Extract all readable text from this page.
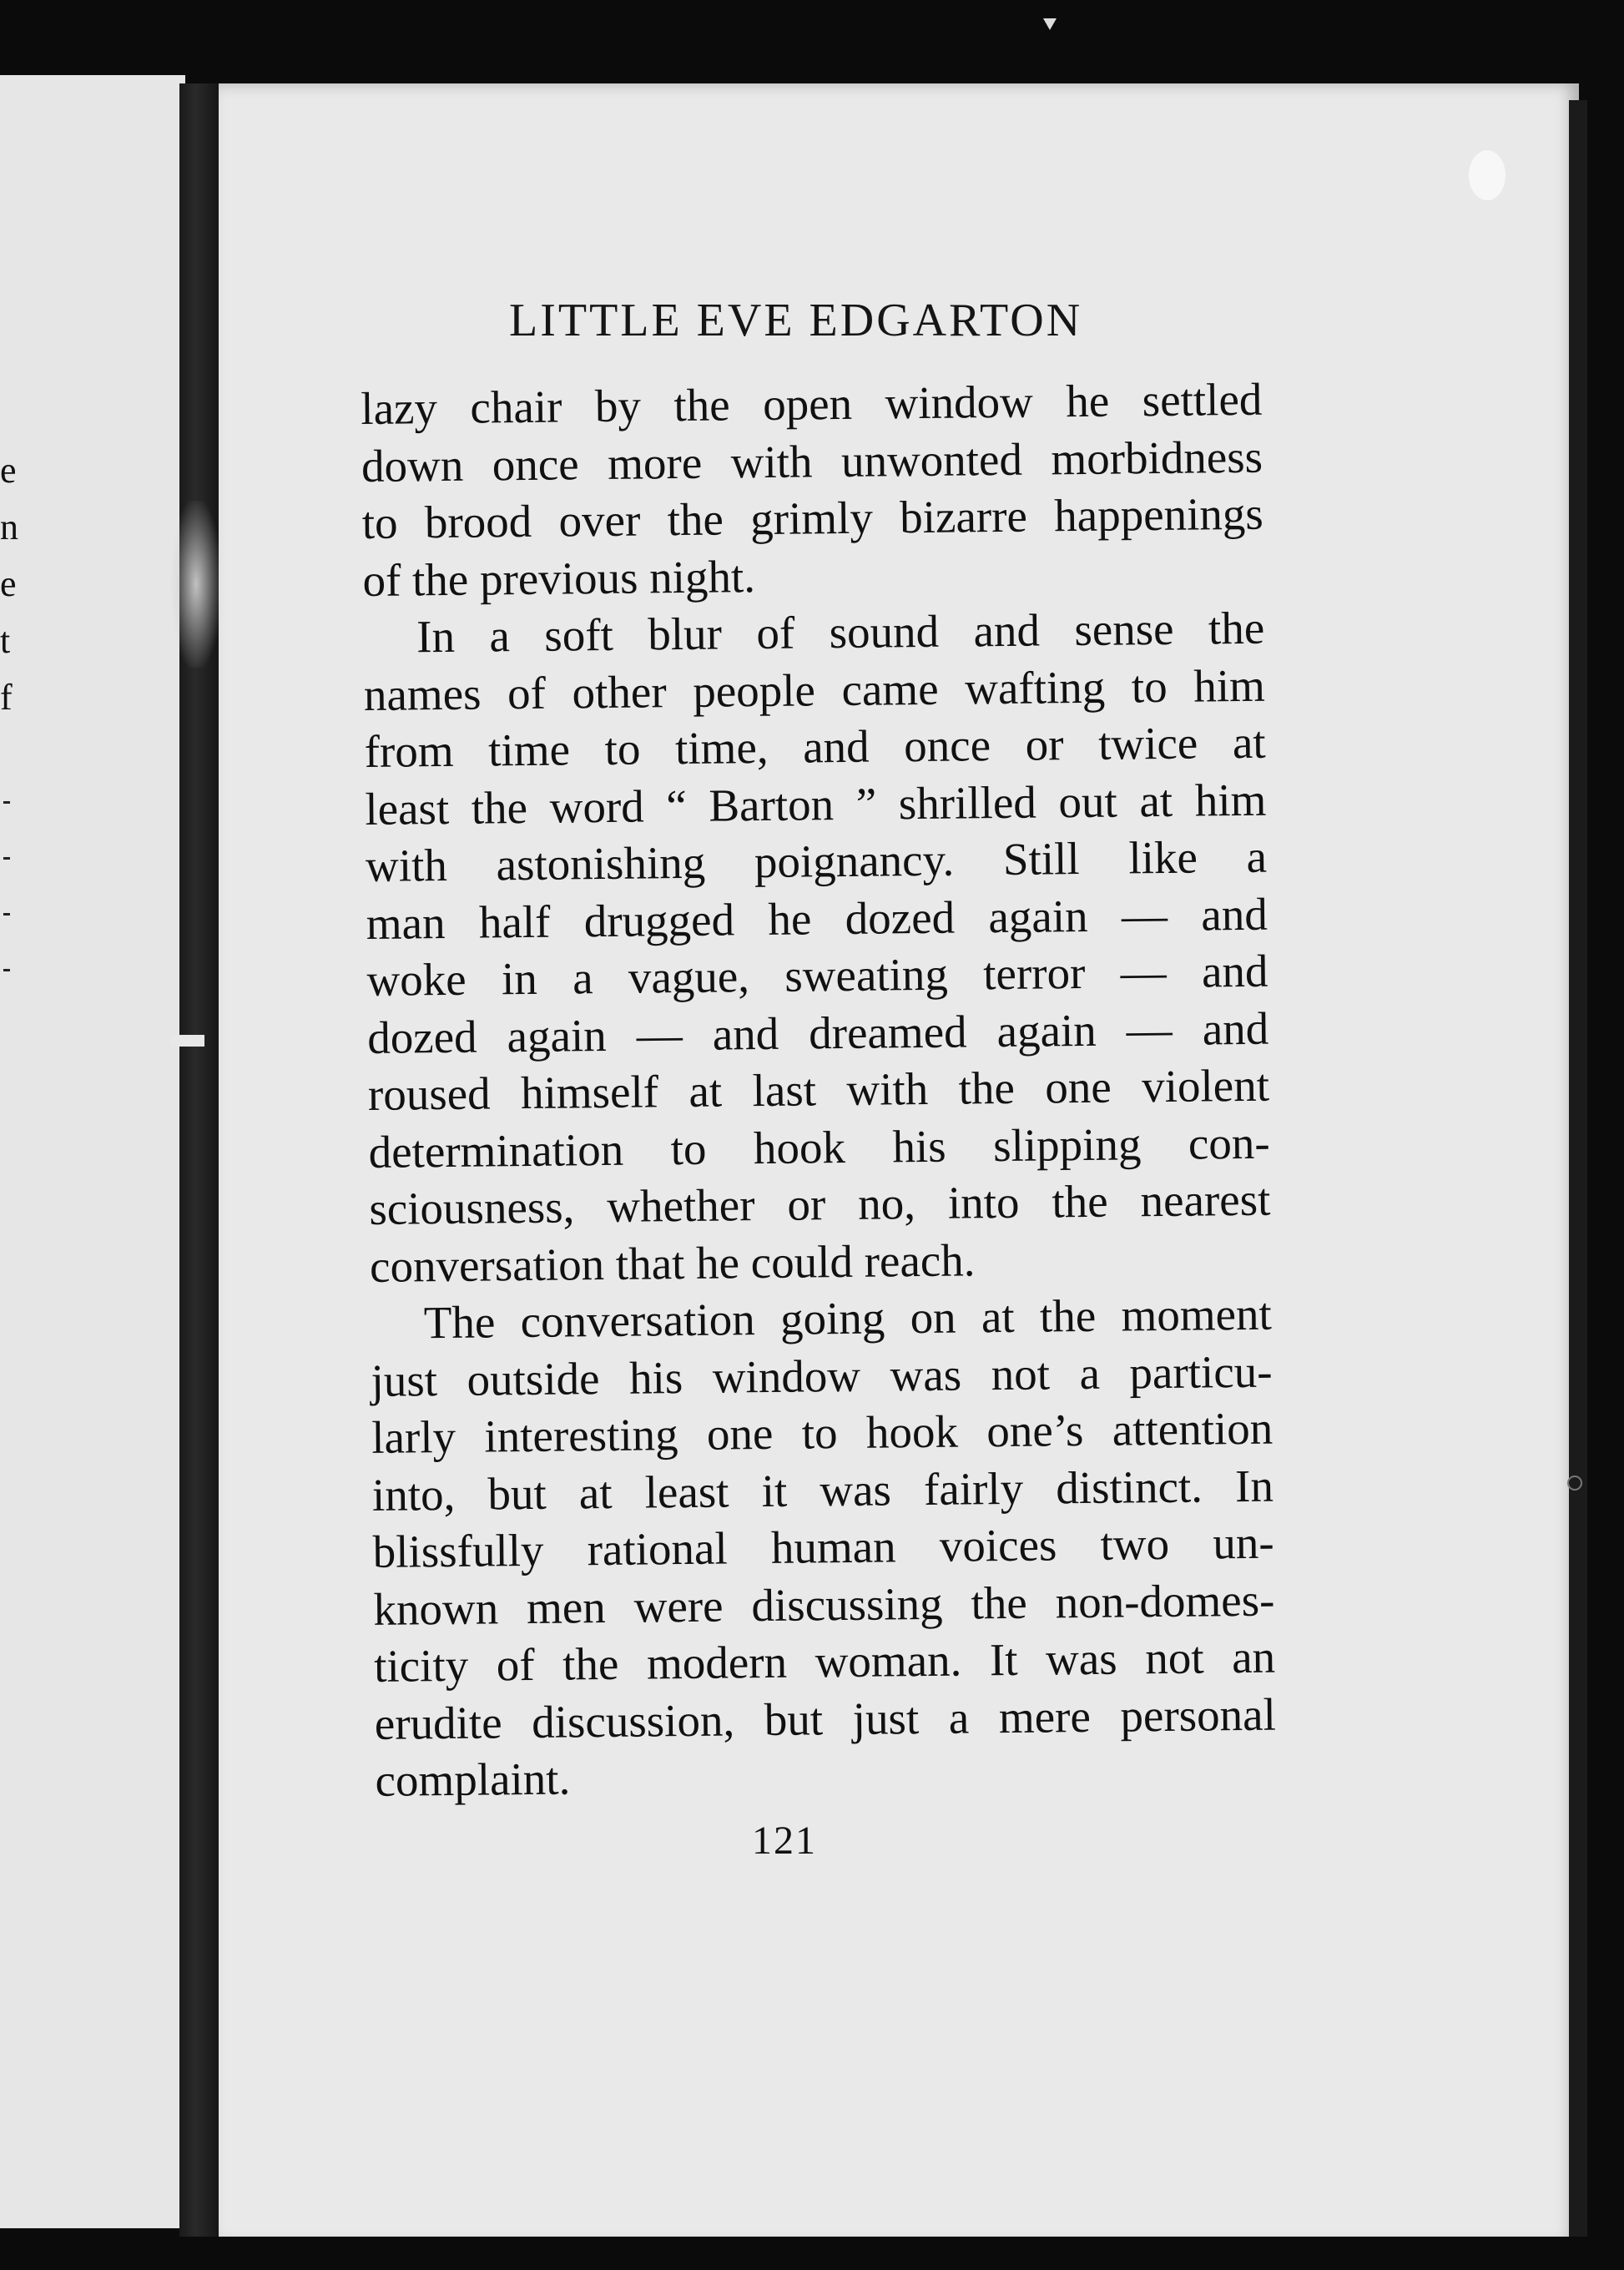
e
n
e
t
f
LITTLE EVE EDGARTON
lazy chair by the open window he settled
down once more with unwonted morbidness
to brood over the grimly bizarre happenings
of the previous night.
In a soft blur of sound and sense the
names of other people came wafting to him
from time to time, and once or twice at
least the word “ Barton ” shrilled out at him
with astonishing poignancy. Still like a
man half drugged he dozed again — and
woke in a vague, sweating terror — and
dozed again — and dreamed again — and
roused himself at last with the one violent
determination to hook his slipping con-
sciousness, whether or no, into the nearest
conversation that he could reach.
The conversation going on at the moment
just outside his window was not a particu-
larly interesting one to hook one’s attention
into, but at least it was fairly distinct. In
blissfully rational human voices two un-
known men were discussing the non-domes-
ticity of the modern woman. It was not an
erudite discussion, but just a mere personal
complaint.
121
